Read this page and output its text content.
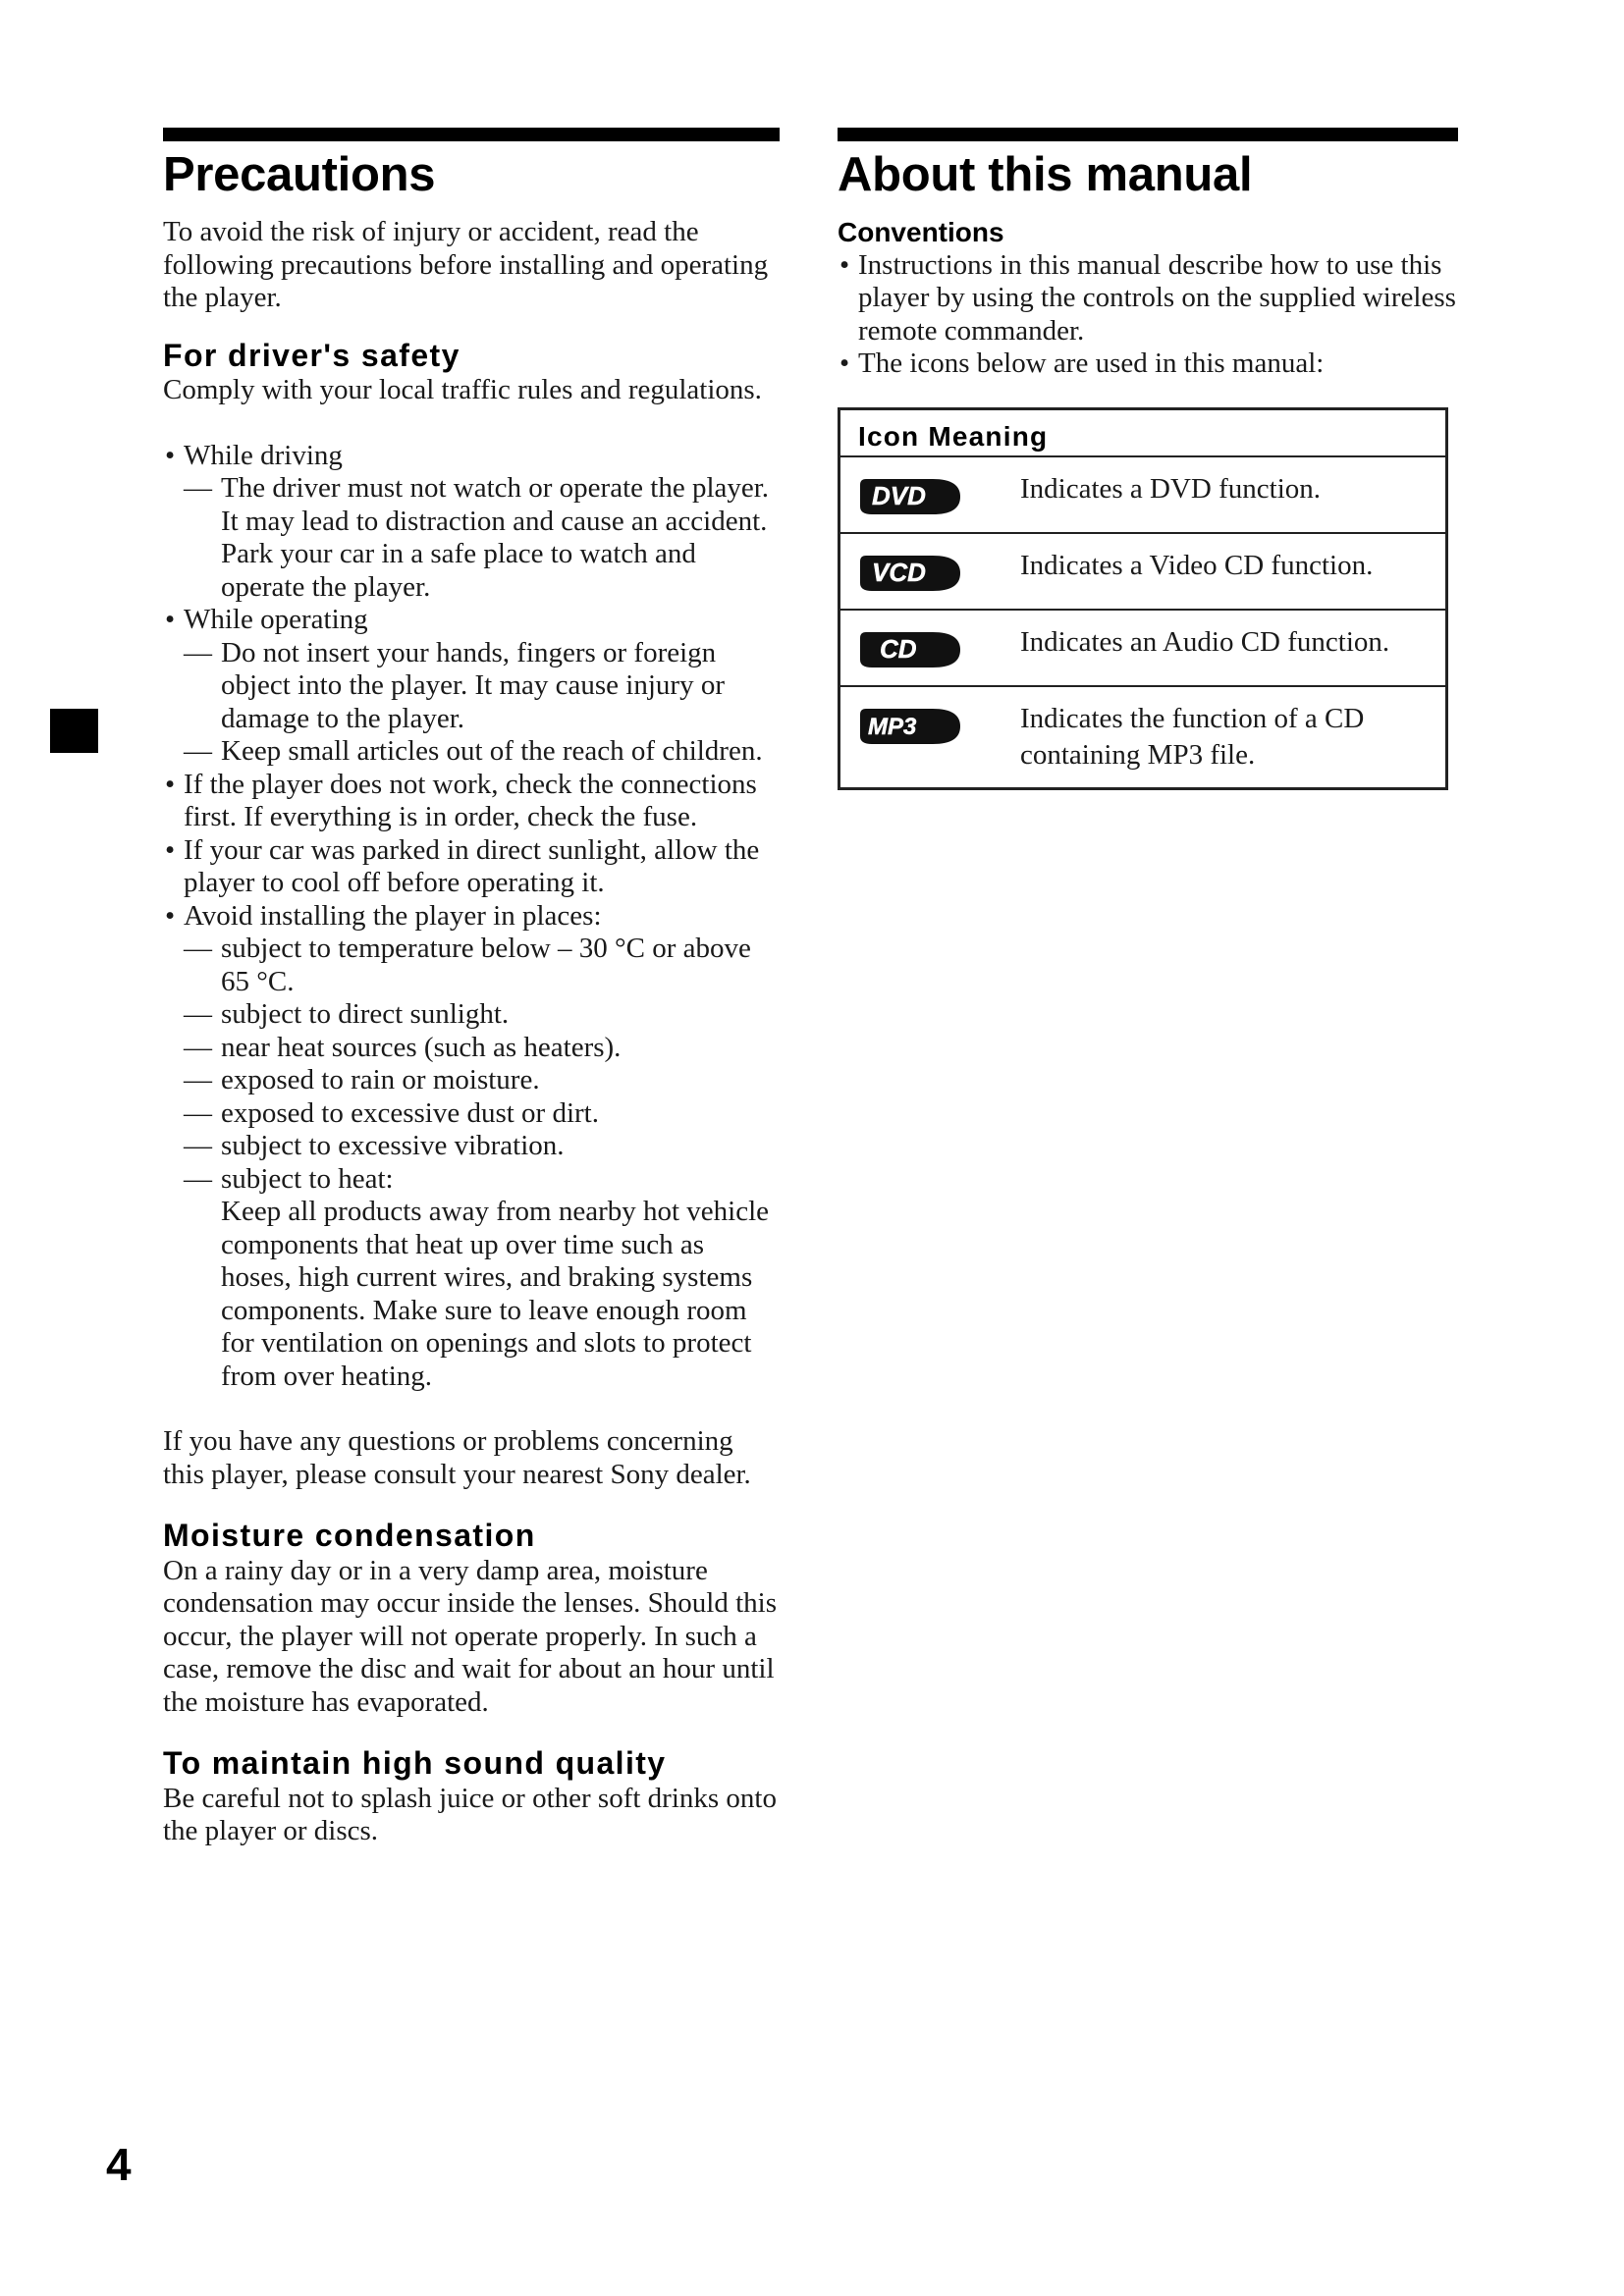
Precautions

To avoid the risk of injury or accident, read the following precautions before installing and operating the player.

For driver's safety

Comply with your local traffic rules and regulations.

• While driving
— The driver must not watch or operate the player. It may lead to distraction and cause an accident. Park your car in a safe place to watch and operate the player.
• While operating
— Do not insert your hands, fingers or foreign object into the player. It may cause injury or damage to the player.
— Keep small articles out of the reach of children.
• If the player does not work, check the connections first. If everything is in order, check the fuse.
• If your car was parked in direct sunlight, allow the player to cool off before operating it.
• Avoid installing the player in places:
— subject to temperature below – 30 °C or above 65 °C.
— subject to direct sunlight.
— near heat sources (such as heaters).
— exposed to rain or moisture.
— exposed to excessive dust or dirt.
— subject to excessive vibration.
— subject to heat:

Keep all products away from nearby hot vehicle components that heat up over time such as hoses, high current wires, and braking systems components. Make sure to leave enough room for ventilation on openings and slots to protect from over heating.

If you have any questions or problems concerning this player, please consult your nearest Sony dealer.

Moisture condensation

On a rainy day or in a very damp area, moisture condensation may occur inside the lenses. Should this occur, the player will not operate properly. In such a case, remove the disc and wait for about an hour until the moisture has evaporated.

To maintain high sound quality

Be careful not to splash juice or other soft drinks onto the player or discs.

About this manual
Conventions
• Instructions in this manual describe how to use this player by using the controls on the supplied wireless remote commander.
• The icons below are used in this manual:
Icon Meaning	

DVD	Indicates a DVD function.

VCD	Indicates a Video CD function.

CD	Indicates an Audio CD function.

MP3	Indicates the function of a CD containing MP3 file.
4
